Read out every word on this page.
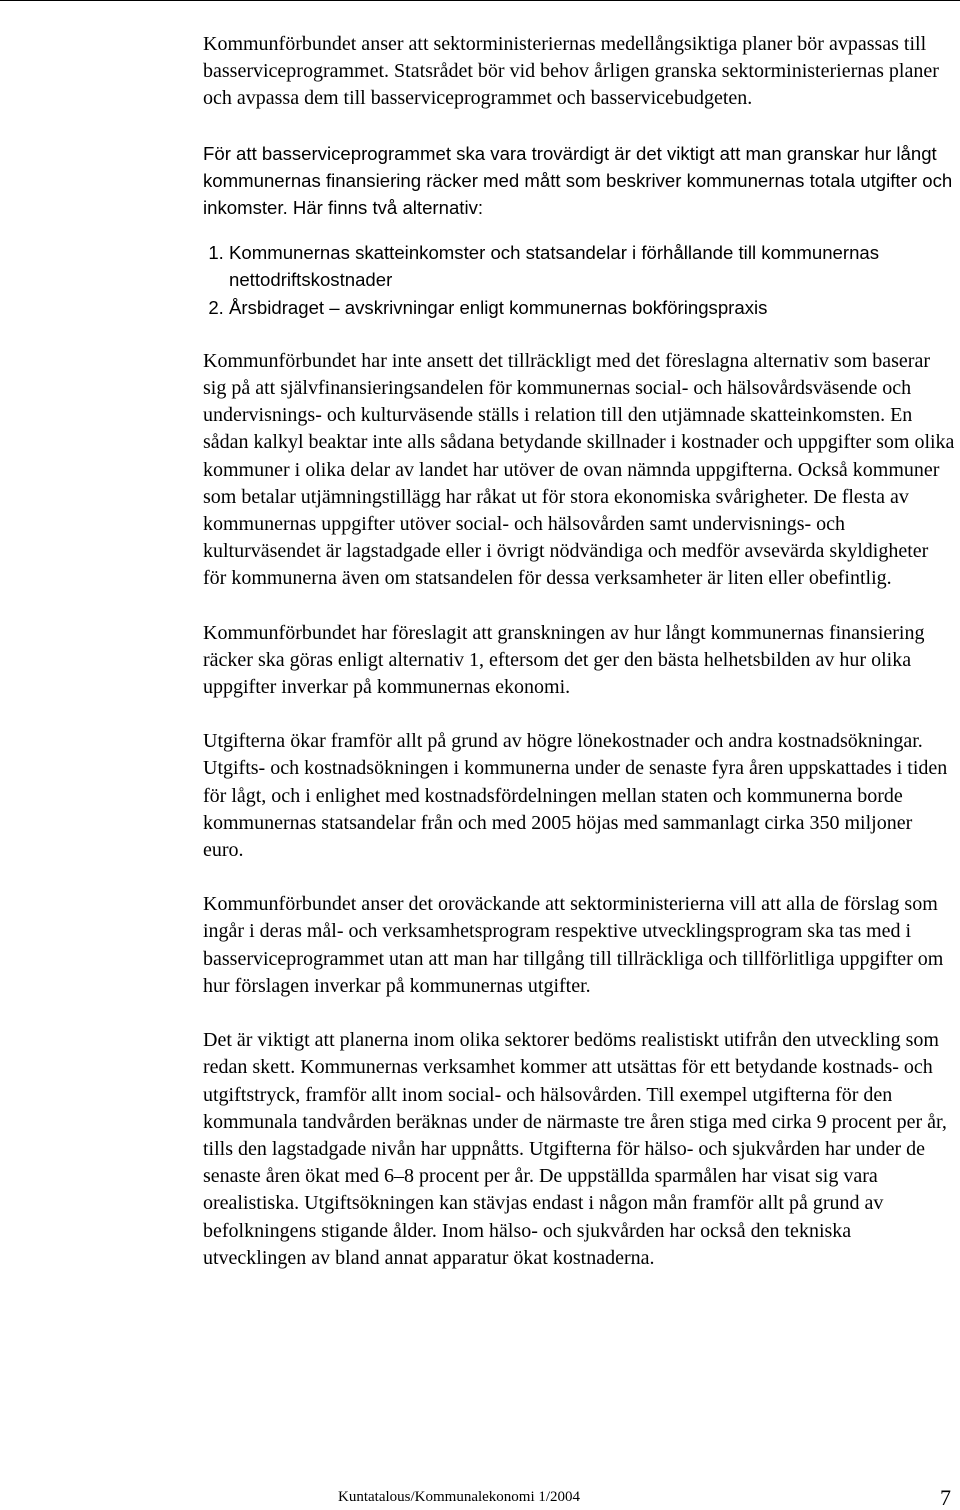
Kommunförbundet anser att sektorministeriernas medellångsiktiga planer bör avpassas till basserviceprogrammet. Statsrådet bör vid behov årligen granska sektorministeriernas planer och avpassa dem till basserviceprogrammet och basservicebudgeten.

För att basserviceprogrammet ska vara trovärdigt är det viktigt att man granskar hur långt kommunernas finansiering räcker med mått som beskriver kommunernas totala utgifter och inkomster. Här finns två alternativ:

1. Kommunernas skatteinkomster och statsandelar i förhållande till kommunernas nettodriftskostnader
2. Årsbidraget – avskrivningar enligt kommunernas bokföringspraxis

Kommunförbundet har inte ansett det tillräckligt med det föreslagna alternativ som baserar sig på att självfinansieringsandelen för kommunernas social- och hälsovårdsväsende och undervisnings- och kulturväsende ställs i relation till den utjämnade skatteinkomsten. En sådan kalkyl beaktar inte alls sådana betydande skillnader i kostnader och uppgifter som olika kommuner i olika delar av landet har utöver de ovan nämnda uppgifterna. Också kommuner som betalar utjämningstillägg har råkat ut för stora ekonomiska svårigheter. De flesta av kommunernas uppgifter utöver social- och hälsovården samt undervisnings- och kulturväsendet är lagstadgade eller i övrigt nödvändiga och medför avsevärda skyldigheter för kommunerna även om statsandelen för dessa verksamheter är liten eller obefintlig.

Kommunförbundet har föreslagit att granskningen av hur långt kommunernas finansiering räcker ska göras enligt alternativ 1, eftersom det ger den bästa helhetsbilden av hur olika uppgifter inverkar på kommunernas ekonomi.

Utgifterna ökar framför allt på grund av högre lönekostnader och andra kostnadsökningar. Utgifts- och kostnadsökningen i kommunerna under de senaste fyra åren uppskattades i tiden för lågt, och i enlighet med kostnadsfördelningen mellan staten och kommunerna borde kommunernas statsandelar från och med 2005 höjas med sammanlagt cirka 350 miljoner euro.

Kommunförbundet anser det oroväckande att sektorministerierna vill att alla de förslag som ingår i deras mål- och verksamhetsprogram respektive utvecklingsprogram ska tas med i basserviceprogrammet utan att man har tillgång till tillräckliga och tillförlitliga uppgifter om hur förslagen inverkar på kommunernas utgifter.

Det är viktigt att planerna inom olika sektorer bedöms realistiskt utifrån den utveckling som redan skett. Kommunernas verksamhet kommer att utsättas för ett betydande kostnads- och utgiftstryck, framför allt inom social- och hälsovården. Till exempel utgifterna för den kommunala tandvården beräknas under de närmaste tre åren stiga med cirka 9 procent per år, tills den lagstadgade nivån har uppnåtts. Utgifterna för hälso- och sjukvården har under de senaste åren ökat med 6–8 procent per år. De uppställda sparmålen har visat sig vara orealistiska. Utgiftsökningen kan stävjas endast i någon mån framför allt på grund av befolkningens stigande ålder. Inom hälso- och sjukvården har också den tekniska utvecklingen av bland annat apparatur ökat kostnaderna.

Kuntatalous/Kommunalekonomi 1/2004	7
